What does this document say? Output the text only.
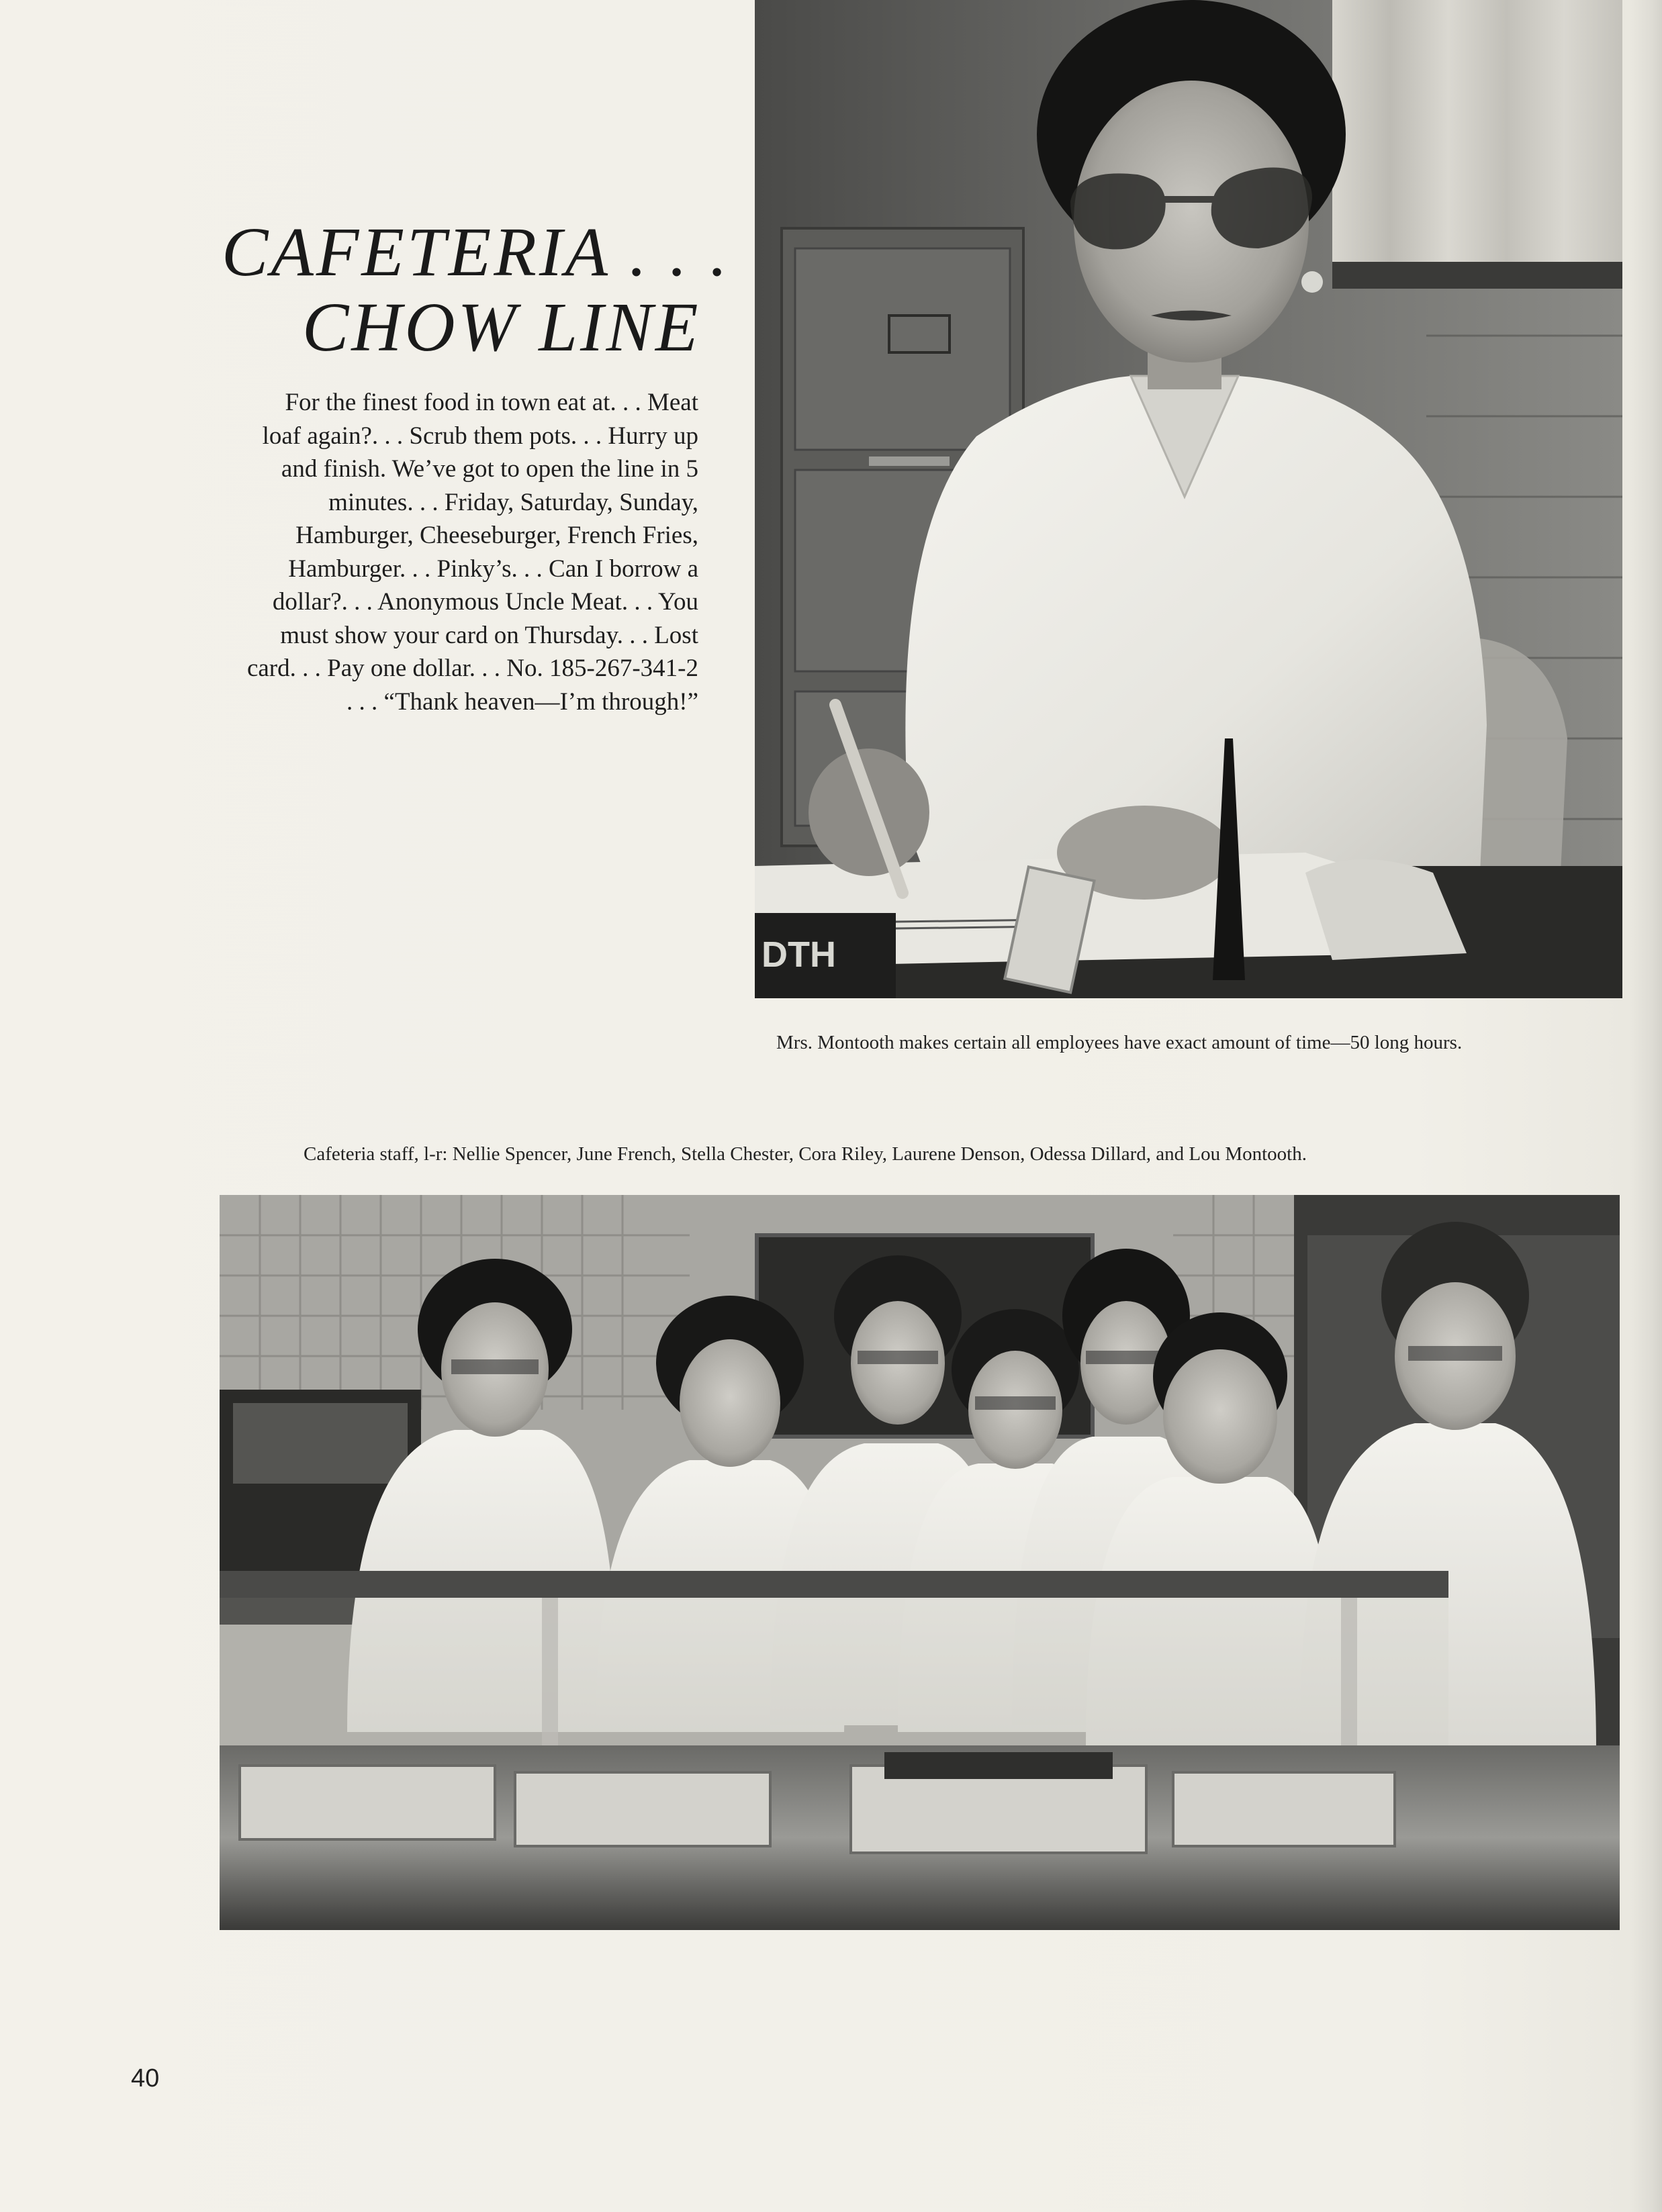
CAFETERIA . . .
CHOW LINE
For the finest food in town eat at. . . Meat
loaf again?. . . Scrub them pots. . . Hurry up
and finish. We’ve got to open the line in 5
minutes. . . Friday, Saturday, Sunday,
Hamburger, Cheeseburger, French Fries,
Hamburger. . . Pinky’s. . . Can I borrow a
dollar?. . . Anonymous Uncle Meat. . . You
must show your card on Thursday. . . Lost
card. . . Pay one dollar. . . No. 185-267-341-2
. . . “Thank heaven—I’m through!”
DTH
Mrs. Montooth makes certain all employees have exact amount of time—50 long hours.
Cafeteria staff, l-r: Nellie Spencer, June French, Stella Chester, Cora Riley, Laurene Denson, Odessa Dillard, and Lou Montooth.
40
